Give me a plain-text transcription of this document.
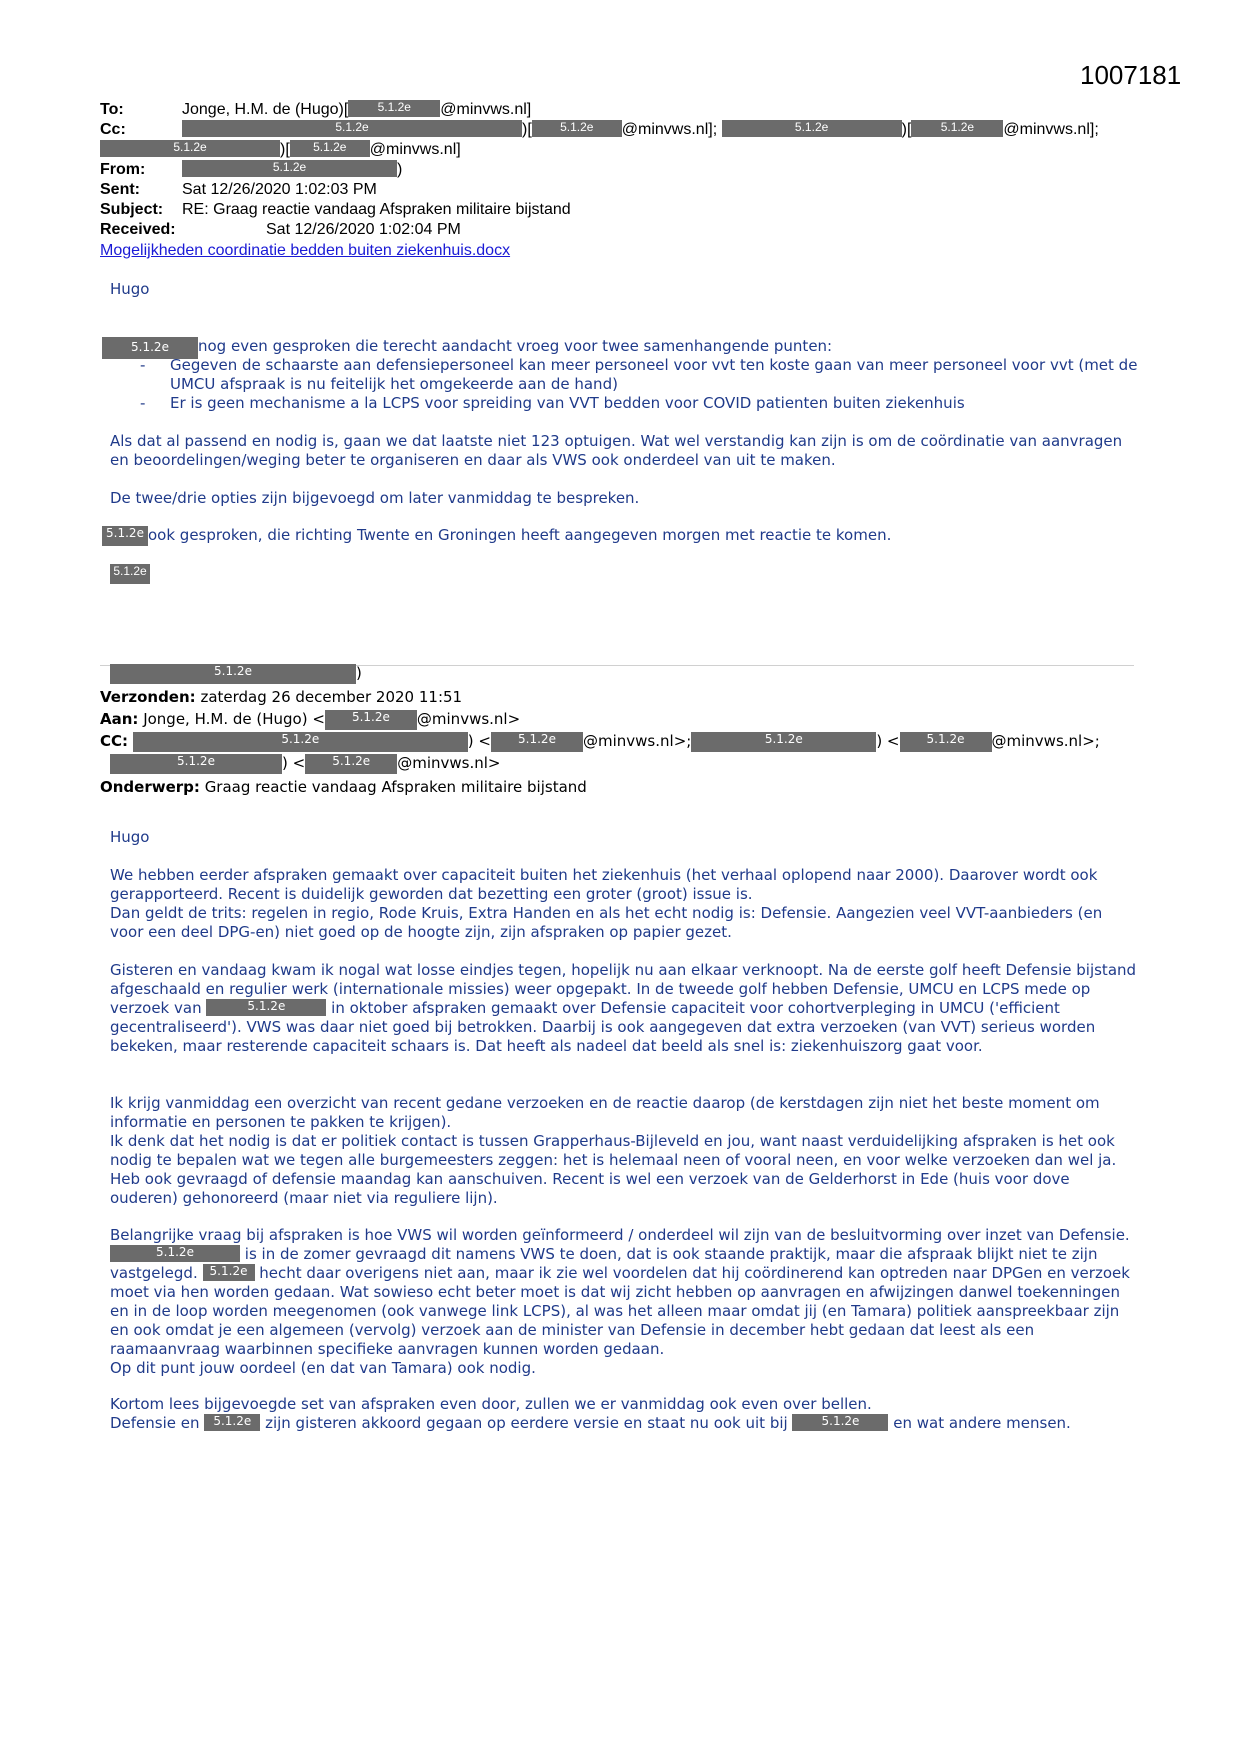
1007181
To:	Jonge, H.M. de (Hugo)[ 5.1.2e @minvws.nl]
Cc:	5.1.2e	)[ 5.1.2e @minvws.nl];	5.1.2e	)[ 5.1.2e @minvws.nl];
5.1.2e	)[ 5.1.2e @minvws.nl]
From:	5.1.2e	)
Sent:	Sat 12/26/2020 1:02:03 PM
Subject: RE: Graag reactie vandaag Afspraken militaire bijstand
Received:	Sat 12/26/2020 1:02:04 PM
Mogelijkheden coordinatie bedden buiten ziekenhuis.docx
Hugo
5.1.2e nog even gesproken die terecht aandacht vroeg voor twee samenhangende punten:
- Gegeven de schaarste aan defensiepersoneel kan meer personeel voor vvt ten koste gaan van meer personeel voor vvt (met de UMCU afspraak is nu feitelijk het omgekeerde aan de hand)
- Er is geen mechanisme a la LCPS voor spreiding van VVT bedden voor COVID patienten buiten ziekenhuis
Als dat al passend en nodig is, gaan we dat laatste niet 123 optuigen. Wat wel verstandig kan zijn is om de coördinatie van aanvragen en beoordelingen/weging beter te organiseren en daar als VWS ook onderdeel van uit te maken.
De twee/drie opties zijn bijgevoegd om later vanmiddag te bespreken.
5.1.2e ook gesproken, die richting Twente en Groningen heeft aangegeven morgen met reactie te komen.
5.1.2e
5.1.2e	)
Verzonden: zaterdag 26 december 2020 11:51
Aan: Jonge, H.M. de (Hugo) < 5.1.2e @minvws.nl>
CC:	5.1.2e	) < 5.1.2e @minvws.nl>;	5.1.2e	) < 5.1.2e @minvws.nl>;
5.1.2e	) < 5.1.2e @minvws.nl>
Onderwerp: Graag reactie vandaag Afspraken militaire bijstand
Hugo
We hebben eerder afspraken gemaakt over capaciteit buiten het ziekenhuis (het verhaal oplopend naar 2000). Daarover wordt ook gerapporteerd. Recent is duidelijk geworden dat bezetting een groter (groot) issue is.
Dan geldt de trits: regelen in regio, Rode Kruis, Extra Handen en als het echt nodig is: Defensie. Aangezien veel VVT-aanbieders (en voor een deel DPG-en) niet goed op de hoogte zijn, zijn afspraken op papier gezet.
Gisteren en vandaag kwam ik nogal wat losse eindjes tegen, hopelijk nu aan elkaar verknoopt. Na de eerste golf heeft Defensie bijstand afgeschaald en regulier werk (internationale missies) weer opgepakt. In de tweede golf hebben Defensie, UMCU en LCPS mede op verzoek van	5.1.2e	in oktober afspraken gemaakt over Defensie capaciteit voor cohortverpleging in UMCU ('efficient gecentraliseerd'). VWS was daar niet goed bij betrokken. Daarbij is ook aangegeven dat extra verzoeken (van VVT) serieus worden bekeken, maar resterende capaciteit schaars is. Dat heeft als nadeel dat beeld als snel is: ziekenhuiszorg gaat voor.
Ik krijg vanmiddag een overzicht van recent gedane verzoeken en de reactie daarop (de kerstdagen zijn niet het beste moment om informatie en personen te pakken te krijgen).
Ik denk dat het nodig is dat er politiek contact is tussen Grapperhaus-Bijleveld en jou, want naast verduidelijking afspraken is het ook nodig te bepalen wat we tegen alle burgemeesters zeggen: het is helemaal neen of vooral neen, en voor welke verzoeken dan wel ja. Heb ook gevraagd of defensie maandag kan aanschuiven. Recent is wel een verzoek van de Gelderhorst in Ede (huis voor dove ouderen) gehonoreerd (maar niet via reguliere lijn).
Belangrijke vraag bij afspraken is hoe VWS wil worden geïnformeerd / onderdeel wil zijn van de besluitvorming over inzet van Defensie. 5.1.2e	is in de zomer gevraagd dit namens VWS te doen, dat is ook staande praktijk, maar die afspraak blijkt niet te zijn vastgelegd. 5.1.2e hecht daar overigens niet aan, maar ik zie wel voordelen dat hij coördinerend kan optreden naar DPGen en verzoek moet via hen worden gedaan. Wat sowieso echt beter moet is dat wij zicht hebben op aanvragen en afwijzingen danwel toekenningen en in de loop worden meegenomen (ook vanwege link LCPS), al was het alleen maar omdat jij (en Tamara) politiek aanspreekbaar zijn en ook omdat je een algemeen (vervolg) verzoek aan de minister van Defensie in december hebt gedaan dat leest als een raamaanvraag waarbinnen specifieke aanvragen kunnen worden gedaan.
Op dit punt jouw oordeel (en dat van Tamara) ook nodig.
Kortom lees bijgevoegde set van afspraken even door, zullen we er vanmiddag ook even over bellen.
Defensie en 5.1.2e zijn gisteren akkoord gegaan op eerdere versie en staat nu ook uit bij	5.1.2e en wat andere mensen.
